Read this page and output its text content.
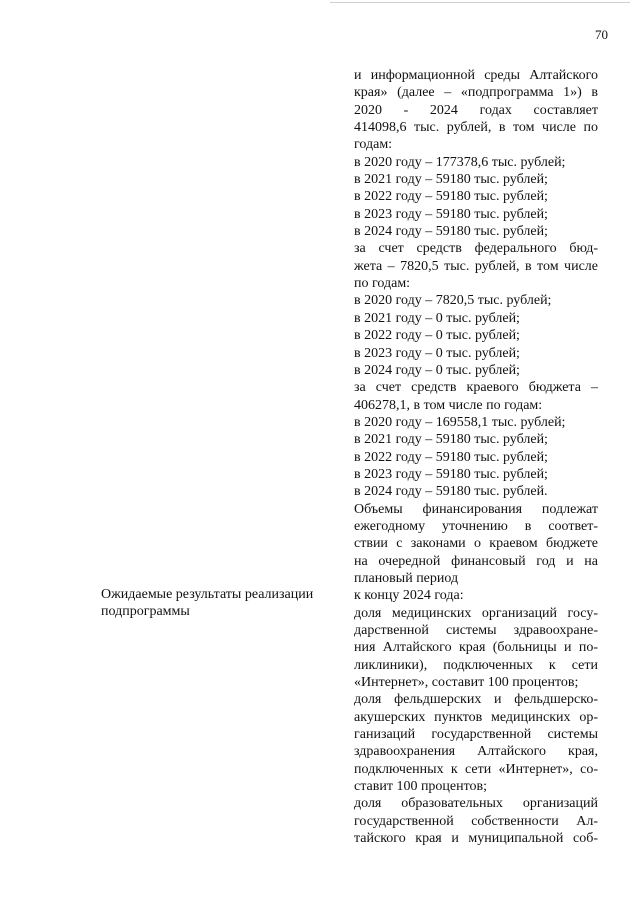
70
Ожидаемые результаты реализации
подпрограммы
и информационной среды Алтайского
края» (далее – «подпрограмма 1») в
2020 - 2024 годах составляет
414098,6 тыс. рублей, в том числе по
годам:
в 2020 году – 177378,6 тыс. рублей;
в 2021 году – 59180 тыс. рублей;
в 2022 году – 59180 тыс. рублей;
в 2023 году – 59180 тыс. рублей;
в 2024 году – 59180 тыс. рублей;
за счет средств федерального бюд-
жета – 7820,5 тыс. рублей, в том числе
по годам:
в 2020 году – 7820,5 тыс. рублей;
в 2021 году – 0 тыс. рублей;
в 2022 году – 0 тыс. рублей;
в 2023 году – 0 тыс. рублей;
в 2024 году – 0 тыс. рублей;
за счет средств краевого бюджета –
406278,1, в том числе по годам:
в 2020 году – 169558,1 тыс. рублей;
в 2021 году – 59180 тыс. рублей;
в 2022 году – 59180 тыс. рублей;
в 2023 году – 59180 тыс. рублей;
в 2024 году – 59180 тыс. рублей.
Объемы финансирования подлежат
ежегодному уточнению в соответ-
ствии с законами о краевом бюджете
на очередной финансовый год и на
плановый период
к концу 2024 года:
доля медицинских организаций госу-
дарственной системы здравоохране-
ния Алтайского края (больницы и по-
ликлиники), подключенных к сети
«Интернет», составит 100 процентов;
доля фельдшерских и фельдшерско-
акушерских пунктов медицинских ор-
ганизаций государственной системы
здравоохранения Алтайского края,
подключенных к сети «Интернет», со-
ставит 100 процентов;
доля образовательных организаций
государственной собственности Ал-
тайского края и муниципальной соб-
